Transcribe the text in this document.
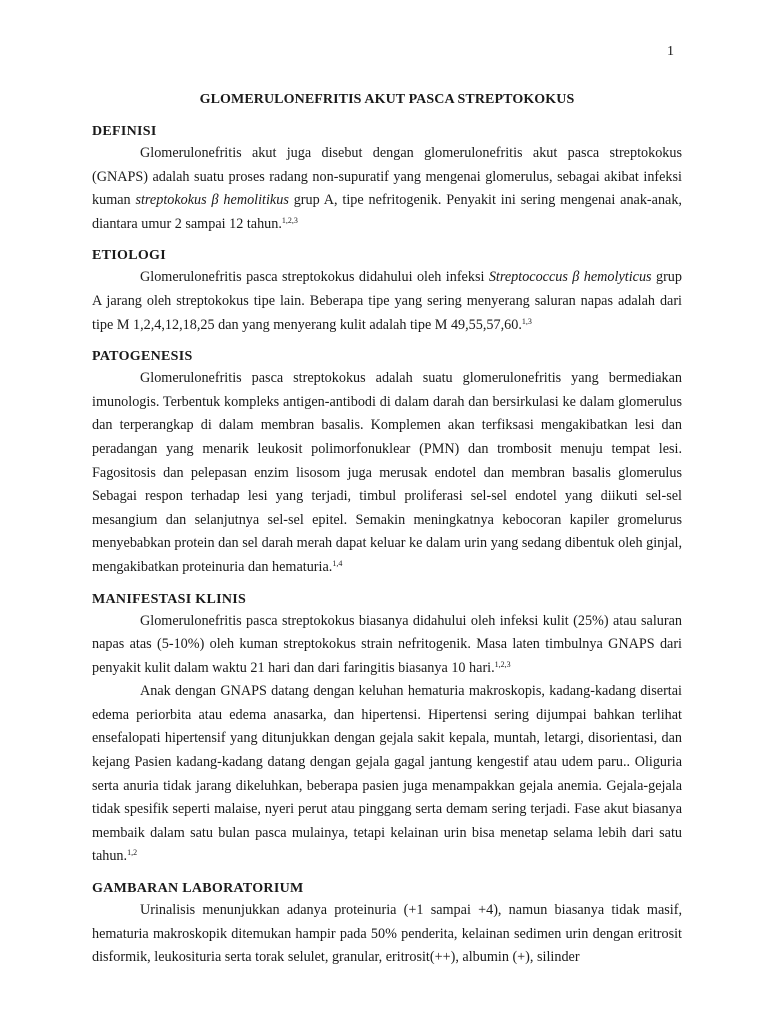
1
GLOMERULONEFRITIS AKUT PASCA STREPTOKOKUS
DEFINISI

Glomerulonefritis akut juga disebut dengan glomerulonefritis akut pasca streptokokus (GNAPS) adalah suatu proses radang non-supuratif yang mengenai glomerulus, sebagai akibat infeksi kuman streptokokus β hemolitikus grup A, tipe nefritogenik. Penyakit ini sering mengenai anak-anak, diantara umur 2 sampai 12 tahun.$^{1,2,3}$

ETIOLOGI

Glomerulonefritis pasca streptokokus didahului oleh infeksi Streptococcus β hemolyticus grup A jarang oleh streptokokus tipe lain. Beberapa tipe yang sering menyerang saluran napas adalah dari tipe M 1,2,4,12,18,25 dan yang menyerang kulit adalah tipe M 49,55,57,60.$^{1,3}$

PATOGENESIS

Glomerulonefritis pasca streptokokus adalah suatu glomerulonefritis yang bermediakan imunologis. Terbentuk kompleks antigen-antibodi di dalam darah dan bersirkulasi ke dalam glomerulus dan terperangkap di dalam membran basalis. Komplemen akan terfiksasi mengakibatkan lesi dan peradangan yang menarik leukosit polimorfonuklear (PMN) dan trombosit menuju tempat lesi. Fagositosis dan pelepasan enzim lisosom juga merusak endotel dan membran basalis glomerulus Sebagai respon terhadap lesi yang terjadi, timbul proliferasi sel-sel endotel yang diikuti sel-sel mesangium dan selanjutnya sel-sel epitel. Semakin meningkatnya kebocoran kapiler gromelurus menyebabkan protein dan sel darah merah dapat keluar ke dalam urin yang sedang dibentuk oleh ginjal, mengakibatkan proteinuria dan hematuria.$^{1,4}$

MANIFESTASI KLINIS

Glomerulonefritis pasca streptokokus biasanya didahului oleh infeksi kulit (25%) atau saluran napas atas (5-10%) oleh kuman streptokokus strain nefritogenik. Masa laten timbulnya GNAPS dari penyakit kulit dalam waktu 21 hari dan dari faringitis biasanya 10 hari.$^{1,2,3}$

Anak dengan GNAPS datang dengan keluhan hematuria makroskopis, kadang-kadang disertai edema periorbita atau edema anasarka, dan hipertensi. Hipertensi sering dijumpai bahkan terlihat ensefalopati hipertensif yang ditunjukkan dengan gejala sakit kepala, muntah, letargi, disorientasi, dan kejang Pasien kadang-kadang datang dengan gejala gagal jantung kengestif atau udem paru.. Oliguria serta anuria tidak jarang dikeluhkan, beberapa pasien juga menampakkan gejala anemia. Gejala-gejala tidak spesifik seperti malaise, nyeri perut atau pinggang serta demam sering terjadi. Fase akut biasanya membaik dalam satu bulan pasca mulainya, tetapi kelainan urin bisa menetap selama lebih dari satu tahun.$^{1,2}$

GAMBARAN LABORATORIUM

Urinalisis menunjukkan adanya proteinuria (+1 sampai +4), namun biasanya tidak masif, hematuria makroskopik ditemukan hampir pada 50% penderita, kelainan sedimen urin dengan eritrosit disformik, leukosituria serta torak selulet, granular, eritrosit(++), albumin (+), silinder
